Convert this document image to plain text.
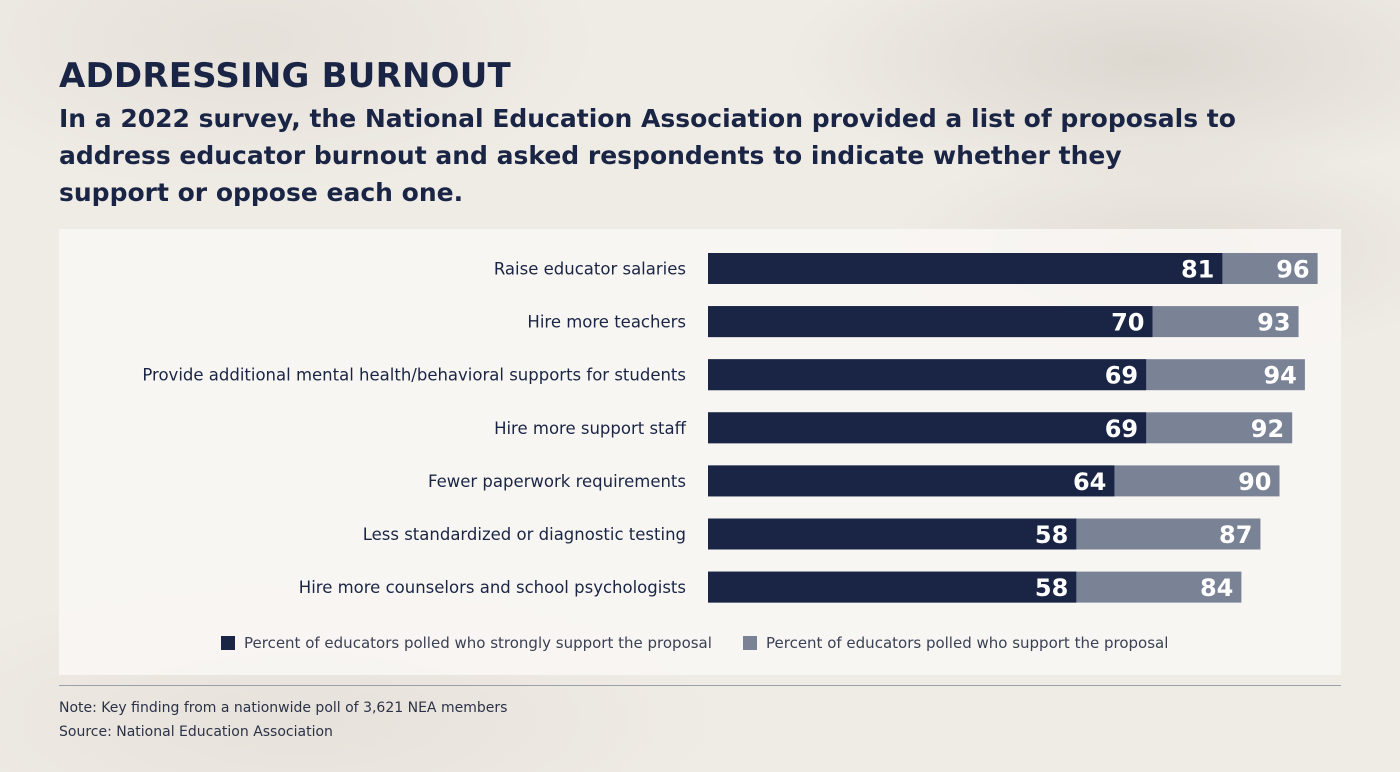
ADDRESSING BURNOUT
In a 2022 survey, the National Education Association provided a list of proposals to address educator burnout and asked respondents to indicate whether they support or oppose each one.
Raise educator salaries	81	96
Hire more teachers	70	93
Provide additional mental health/behavioral supports for students	69	94
Hire more support staff	69	92
Fewer paperwork requirements	64	90
Less standardized or diagnostic testing	58	87
Hire more counselors and school psychologists	58	84
Percent of educators polled who strongly support the proposal	Percent of educators polled who support the proposal
Note: Key finding from a nationwide poll of 3,621 NEA members
Source: National Education Association
